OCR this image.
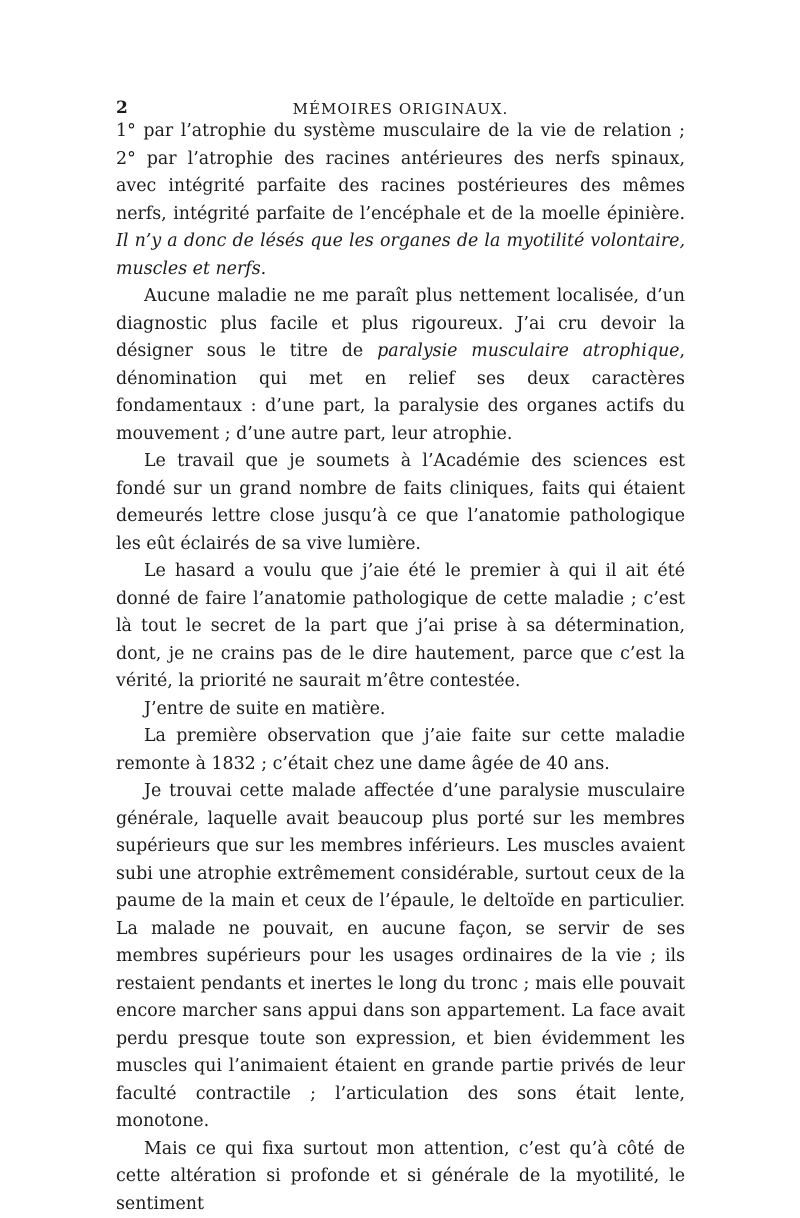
2	MÉMOIRES ORIGINAUX.

1° par l’atrophie du système musculaire de la vie de relation ; 2° par l’atrophie des racines antérieures des nerfs spinaux, avec intégrité parfaite des racines postérieures des mêmes nerfs, intégrité parfaite de l’encéphale et de la moelle épinière. Il n’y a donc de lésés que les organes de la myotilité volontaire, muscles et nerfs.

Aucune maladie ne me paraît plus nettement localisée, d’un diagnostic plus facile et plus rigoureux. J’ai cru devoir la désigner sous le titre de paralysie musculaire atrophique, dénomination qui met en relief ses deux caractères fondamentaux : d’une part, la paralysie des organes actifs du mouvement ; d’une autre part, leur atrophie.

Le travail que je soumets à l’Académie des sciences est fondé sur un grand nombre de faits cliniques, faits qui étaient demeurés lettre close jusqu’à ce que l’anatomie pathologique les eût éclairés de sa vive lumière.

Le hasard a voulu que j’aie été le premier à qui il ait été donné de faire l’anatomie pathologique de cette maladie ; c’est là tout le secret de la part que j’ai prise à sa détermination, dont, je ne crains pas de le dire hautement, parce que c’est la vérité, la priorité ne saurait m’être contestée.

J’entre de suite en matière.

La première observation que j’aie faite sur cette maladie remonte à 1832 ; c’était chez une dame âgée de 40 ans.

Je trouvai cette malade affectée d’une paralysie musculaire générale, laquelle avait beaucoup plus porté sur les membres supérieurs que sur les membres inférieurs. Les muscles avaient subi une atrophie extrêmement considérable, surtout ceux de la paume de la main et ceux de l’épaule, le deltoïde en particulier. La malade ne pouvait, en aucune façon, se servir de ses membres supérieurs pour les usages ordinaires de la vie ; ils restaient pendants et inertes le long du tronc ; mais elle pouvait encore marcher sans appui dans son appartement. La face avait perdu presque toute son expression, et bien évidemment les muscles qui l’animaient étaient en grande partie privés de leur faculté contractile ; l’articulation des sons était lente, monotone.

Mais ce qui fixa surtout mon attention, c’est qu’à côté de cette altération si profonde et si générale de la myotilité, le sentiment
